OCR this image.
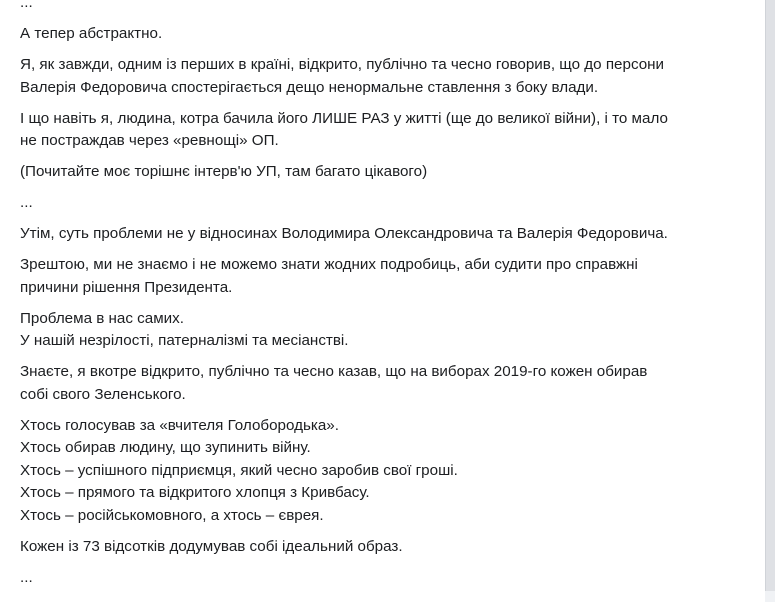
...

А тепер абстрактно.

Я, як завжди, одним із перших в країні, відкрито, публічно та чесно говорив, що до персони
Валерія Федоровича спостерігається дещо ненормальне ставлення з боку влади.

І що навіть я, людина, котра бачила його ЛИШЕ РАЗ у житті (ще до великої війни), і то мало
не постраждав через «ревнощі» ОП.

(Почитайте моє торішнє інтерв'ю УП, там багато цікавого)

...

Утім, суть проблеми не у відносинах Володимира Олександровича та Валерія Федоровича.

Зрештою, ми не знаємо і не можемо знати жодних подробиць, аби судити про справжні
причини рішення Президента.

Проблема в нас самих.
У нашій незрілості, патерналізмі та месіанстві.

Знаєте, я вкотре відкрито, публічно та чесно казав, що на виборах 2019-го кожен обирав
собі свого Зеленського.

Хтось голосував за «вчителя Голобородька».
Хтось обирав людину, що зупинить війну.
Хтось – успішного підприємця, який чесно заробив свої гроші.
Хтось – прямого та відкритого хлопця з Кривбасу.
Хтось – російськомовного, а хтось – єврея.

Кожен із 73 відсотків додумував собі ідеальний образ.

...
